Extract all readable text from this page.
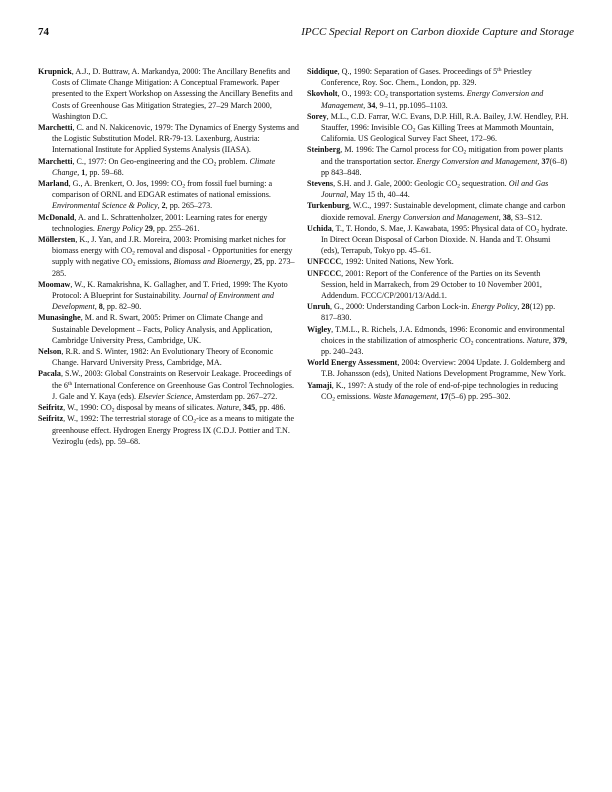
74	IPCC Special Report on Carbon dioxide Capture and Storage

Krupnick, A.J., D. Buttraw, A. Markandya, 2000: The Ancillary Benefits and Costs of Climate Change Mitigation: A Conceptual Framework. Paper presented to the Expert Workshop on Assessing the Ancillary Benefits and Costs of Greenhouse Gas Mitigation Strategies, 27–29 March 2000, Washington D.C.

Marchetti, C. and N. Nakicenovic, 1979: The Dynamics of Energy Systems and the Logistic Substitution Model. RR-79-13. Laxenburg, Austria: International Institute for Applied Systems Analysis (IIASA).

Marchetti, C., 1977: On Geo-engineering and the $CO_2$ problem. Climate Change, 1, pp. 59–68.

Marland, G., A. Brenkert, O. Jos, 1999: $CO_2$ from fossil fuel burning: a comparison of ORNL and EDGAR estimates of national emissions. Environmental Science & Policy, 2, pp. 265–273.

McDonald, A. and L. Schrattenholzer, 2001: Learning rates for energy technologies. Energy Policy 29, pp. 255–261.

Möllersten, K., J. Yan, and J.R. Moreira, 2003: Promising market niches for biomass energy with $CO_2$ removal and disposal - Opportunities for energy supply with negative $CO_2$ emissions, Biomass and Bioenergy, 25, pp. 273–285.

Moomaw, W., K. Ramakrishna, K. Gallagher, and T. Fried, 1999: The Kyoto Protocol: A Blueprint for Sustainability. Journal of Environment and Development, 8, pp. 82–90.

Munasinghe, M. and R. Swart, 2005: Primer on Climate Change and Sustainable Development – Facts, Policy Analysis, and Application, Cambridge University Press, Cambridge, UK.

Nelson, R.R. and S. Winter, 1982: An Evolutionary Theory of Economic Change. Harvard University Press, Cambridge, MA.

Pacala, S.W., 2003: Global Constraints on Reservoir Leakage. Proceedings of the 6th International Conference on Greenhouse Gas Control Technologies. J. Gale and Y. Kaya (eds). Elsevier Science, Amsterdam pp. 267–272.

Seifritz, W., 1990: $CO_2$ disposal by means of silicates. Nature, 345, pp. 486.

Seifritz, W., 1992: The terrestrial storage of $CO_2$-ice as a means to mitigate the greenhouse effect. Hydrogen Energy Progress IX (C.D.J. Pottier and T.N. Veziroglu (eds), pp. 59–68.

Siddique, Q., 1990: Separation of Gases. Proceedings of 5th Priestley Conference, Roy. Soc. Chem., London, pp. 329.

Skovholt, O., 1993: $CO_2$ transportation systems. Energy Conversion and Management, 34, 9–11, pp.1095–1103.

Sorey, M.L., C.D. Farrar, W.C. Evans, D.P. Hill, R.A. Bailey, J.W. Hendley, P.H. Stauffer, 1996: Invisible $CO_2$ Gas Killing Trees at Mammoth Mountain, California. US Geological Survey Fact Sheet, 172–96.

Steinberg, M. 1996: The Carnol process for $CO_2$ mitigation from power plants and the transportation sector. Energy Conversion and Management, 37(6–8) pp 843–848.

Stevens, S.H. and J. Gale, 2000: Geologic $CO_2$ sequestration. Oil and Gas Journal, May 15 th, 40–44.

Turkenburg, W.C., 1997: Sustainable development, climate change and carbon dioxide removal. Energy Conversion and Management, 38, S3–S12.

Uchida, T., T. Hondo, S. Mae, J. Kawabata, 1995: Physical data of $CO_2$ hydrate. In Direct Ocean Disposal of Carbon Dioxide. N. Handa and T. Ohsumi (eds), Terrapub, Tokyo pp. 45–61.

UNFCCC, 1992: United Nations, New York.

UNFCCC, 2001: Report of the Conference of the Parties on its Seventh Session, held in Marrakech, from 29 October to 10 November 2001, Addendum. FCCC/CP/2001/13/Add.1.

Unruh, G., 2000: Understanding Carbon Lock-in. Energy Policy, 28(12) pp. 817–830.

Wigley, T.M.L., R. Richels, J.A. Edmonds, 1996: Economic and environmental choices in the stabilization of atmospheric $CO_2$ concentrations. Nature, 379, pp. 240–243.

World Energy Assessment, 2004: Overview: 2004 Update. J. Goldemberg and T.B. Johansson (eds), United Nations Development Programme, New York.

Yamaji, K., 1997: A study of the role of end-of-pipe technologies in reducing $CO_2$ emissions. Waste Management, 17(5–6) pp. 295–302.
